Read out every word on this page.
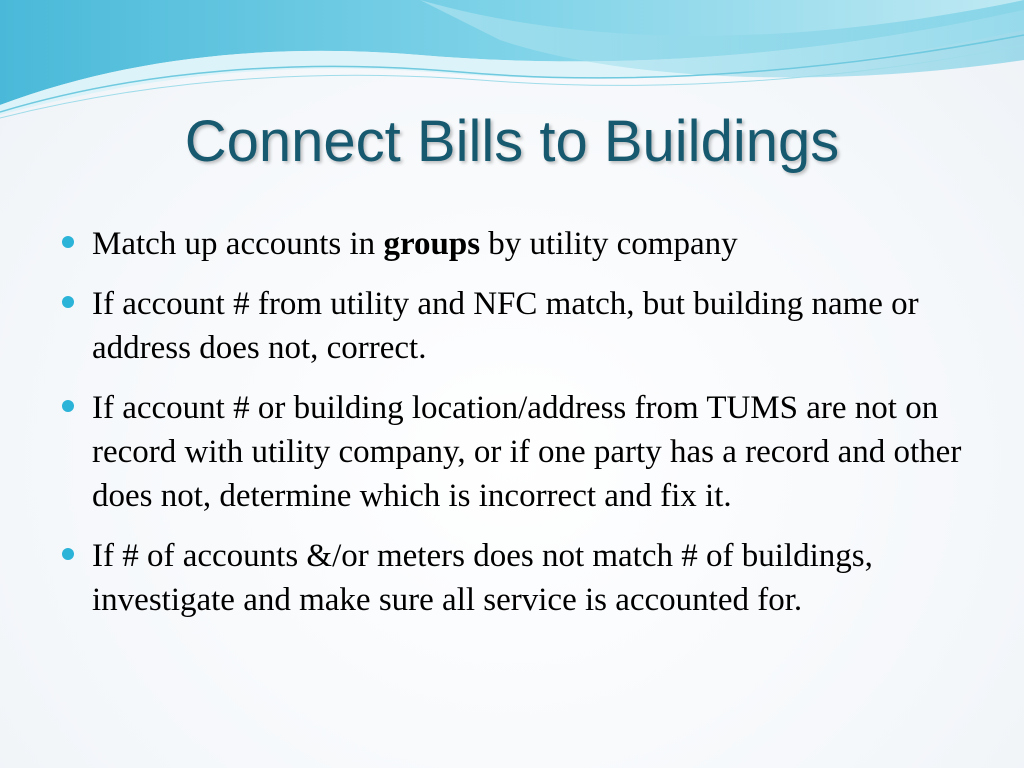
Connect Bills to Buildings
Match up accounts in groups by utility company
If account # from utility and NFC match, but building name or address does not, correct.
If account # or building location/address from TUMS are not on record with utility company, or if one party has a record and other does not, determine which is incorrect and fix it.
If # of accounts &/or meters does not match # of buildings, investigate and make sure all service is accounted for.
